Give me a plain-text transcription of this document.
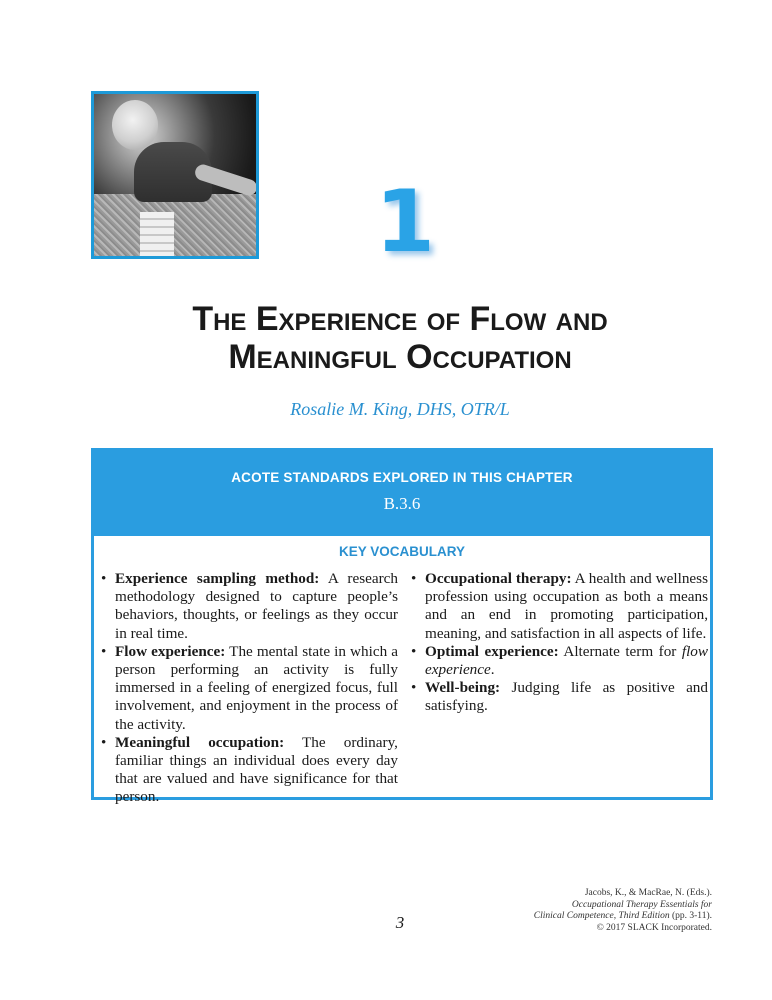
1
The Experience of Flow and
Meaningful Occupation
Rosalie M. King, DHS, OTR/L
ACOTE STANDARDS EXPLORED IN THIS CHAPTER
B.3.6
KEY VOCABULARY
• Experience sampling method: A research methodology designed to capture people’s behaviors, thoughts, or feelings as they occur in real time.
• Flow experience: The mental state in which a person performing an activity is fully immersed in a feeling of energized focus, full involvement, and enjoyment in the process of the activity.
• Meaningful occupation: The ordinary, familiar things an individual does every day that are valued and have significance for that person.
• Occupational therapy: A health and wellness profession using occupation as both a means and an end in promoting participation, meaning, and satisfaction in all aspects of life.
• Optimal experience: Alternate term for flow experience.
• Well-being: Judging life as positive and satisfying.
3
Jacobs, K., & MacRae, N. (Eds.).
Occupational Therapy Essentials for
Clinical Competence, Third Edition (pp. 3-11).
© 2017 SLACK Incorporated.
